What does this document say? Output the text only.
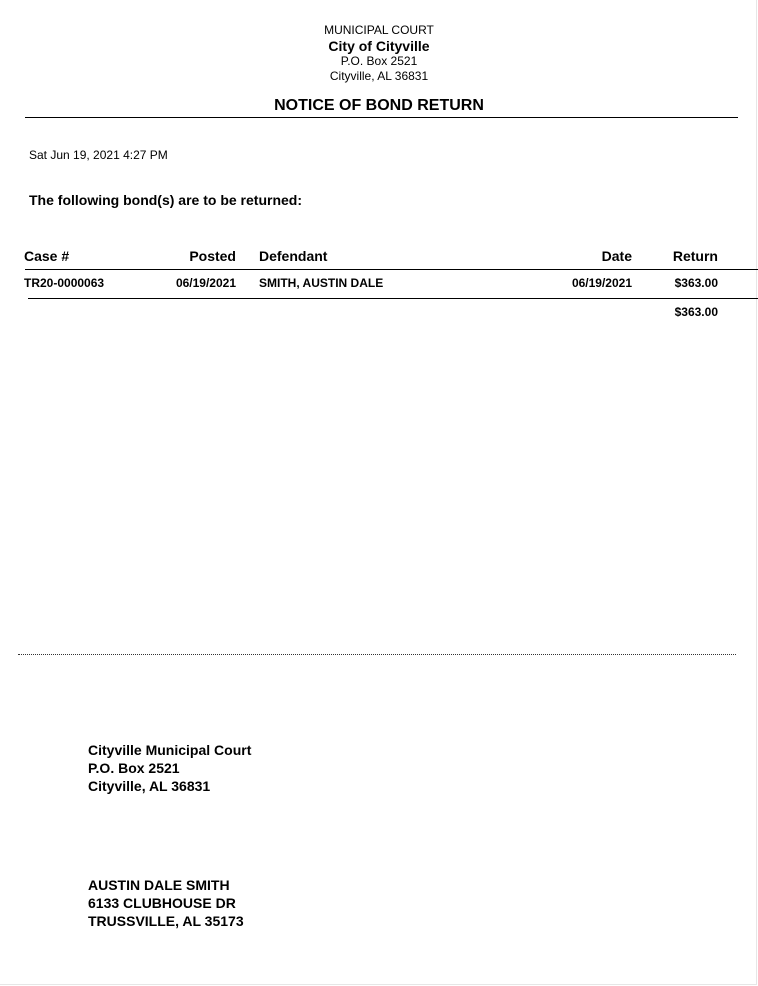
MUNICIPAL COURT
City of Cityville
P.O. Box 2521
Cityville, AL 36831
NOTICE OF BOND RETURN
Sat Jun 19, 2021 4:27 PM
The following bond(s) are to be returned:
Case #	Posted Defendant	Date	Return
TR20-0000063	06/19/2021 SMITH, AUSTIN DALE	06/19/2021	$363.00
$363.00
Cityville Municipal Court
P.O. Box 2521
Cityville, AL 36831
AUSTIN DALE SMITH
6133 CLUBHOUSE DR
TRUSSVILLE, AL 35173
